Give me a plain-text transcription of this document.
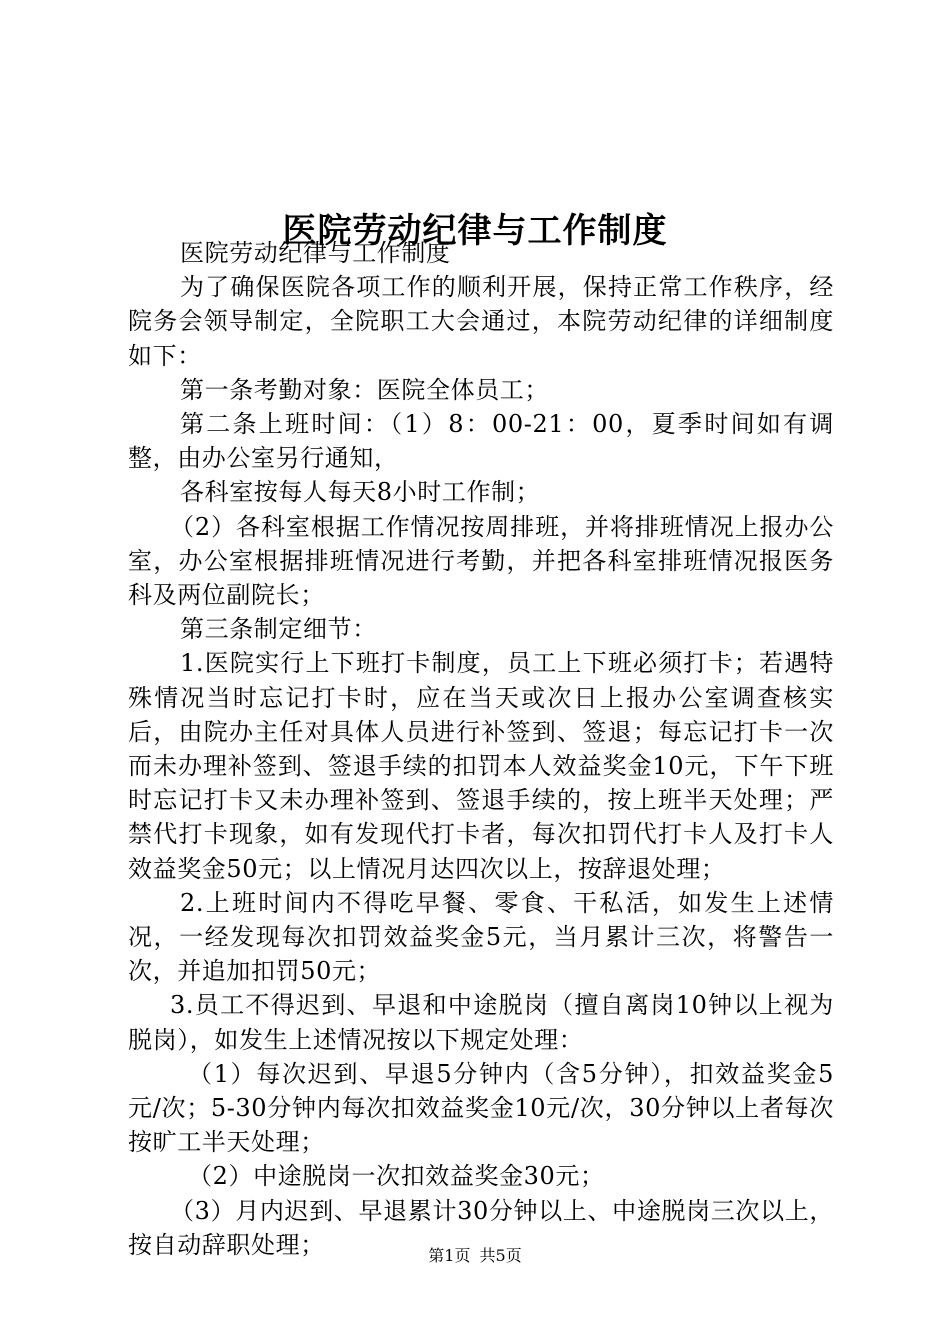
医院劳动纪律与工作制度

医院劳动纪律与工作制度

为了确保医院各项工作的顺利开展，保持正常工作秩序，经院务会领导制定，全院职工大会通过，本院劳动纪律的详细制度如下：

第一条考勤对象：医院全体员工；

第二条上班时间：（1）8：00-21：00，夏季时间如有调整，由办公室另行通知，

各科室按每人每天8小时工作制；

（2）各科室根据工作情况按周排班，并将排班情况上报办公室，办公室根据排班情况进行考勤，并把各科室排班情况报医务科及两位副院长；

第三条制定细节：

1.医院实行上下班打卡制度，员工上下班必须打卡；若遇特殊情况当时忘记打卡时，应在当天或次日上报办公室调查核实后，由院办主任对具体人员进行补签到、签退；每忘记打卡一次而未办理补签到、签退手续的扣罚本人效益奖金10元，下午下班时忘记打卡又未办理补签到、签退手续的，按上班半天处理；严禁代打卡现象，如有发现代打卡者，每次扣罚代打卡人及打卡人效益奖金50元；以上情况月达四次以上，按辞退处理；

2.上班时间内不得吃早餐、零食、干私活，如发生上述情况，一经发现每次扣罚效益奖金5元，当月累计三次，将警告一次，并追加扣罚50元；

3.员工不得迟到、早退和中途脱岗（擅自离岗10钟以上视为脱岗），如发生上述情况按以下规定处理：

（1）每次迟到、早退5分钟内（含5分钟），扣效益奖金5元/次；5-30分钟内每次扣效益奖金10元/次，30分钟以上者每次按旷工半天处理；

（2）中途脱岗一次扣效益奖金30元；

（3）月内迟到、早退累计30分钟以上、中途脱岗三次以上，按自动辞职处理；	第1页 共5页
